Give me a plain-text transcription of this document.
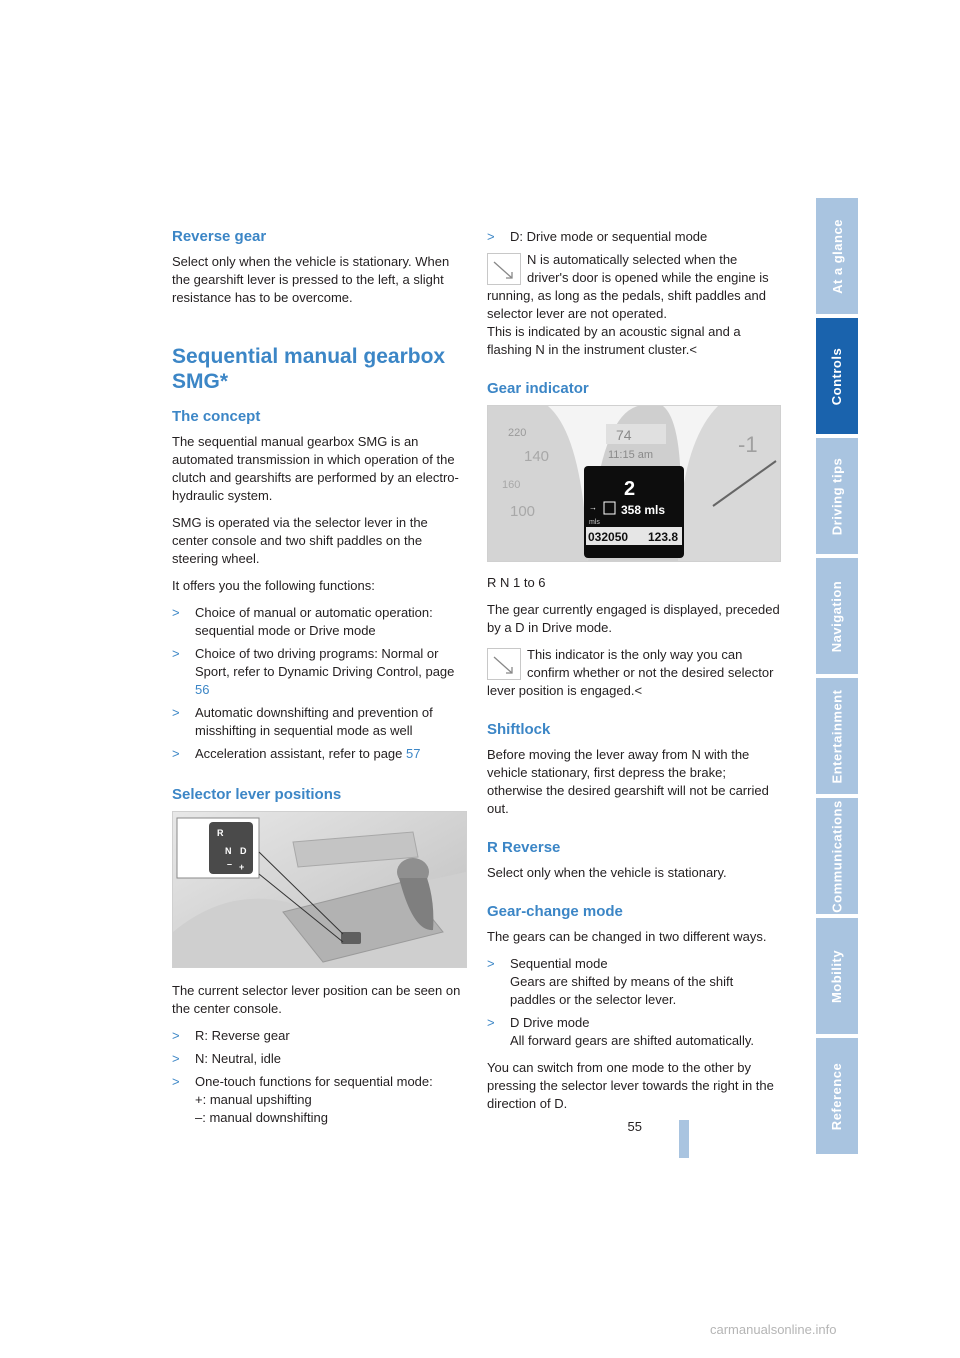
Reverse gear

Select only when the vehicle is stationary. When the gearshift lever is pressed to the left, a slight resistance has to be overcome.

Sequential manual gearbox SMG*
The concept

The sequential manual gearbox SMG is an automated transmission in which operation of the clutch and gearshifts are performed by an electro-hydraulic system.

SMG is operated via the selector lever in the center console and two shift paddles on the steering wheel.

It offers you the following functions:

> Choice of manual or automatic operation: sequential mode or Drive mode
> Choice of two driving programs: Normal or Sport, refer to Dynamic Driving Control, page 56
> Automatic downshifting and prevention of misshifting in sequential mode as well
> Acceleration assistant, refer to page 57
Selector lever positions
R
N D
– +

The current selector lever position can be seen on the center console.

> R: Reverse gear
> N: Neutral, idle
> One-touch functions for sequential mode:
+: manual upshifting
–: manual downshifting
> D: Drive mode or sequential mode

N is automatically selected when the driver's door is opened while the engine is running, as long as the pedals, shift paddles and selector lever are not operated.

This is indicated by an acoustic signal and a flashing N in the instrument cluster.<

Gear indicator
220
140
160
100
-1
74
11:15 am
2
→ 358 mls
mls
032050 123.8

R N 1 to 6

The gear currently engaged is displayed, preceded by a D in Drive mode.

This indicator is the only way you can confirm whether or not the desired selector lever position is engaged.<

Shiftlock

Before moving the lever away from N with the vehicle stationary, first depress the brake; otherwise the desired gearshift will not be carried out.

R Reverse

Select only when the vehicle is stationary.

Gear-change mode

The gears can be changed in two different ways.

> Sequential mode
Gears are shifted by means of the shift paddles or the selector lever.
> D Drive mode
All forward gears are shifted automatically.

You can switch from one mode to the other by pressing the selector lever towards the right in the direction of D.

At a glance
Controls
Driving tips
Navigation
Entertainment
Communications
Mobility
Reference
55
carmanualsonline.info
